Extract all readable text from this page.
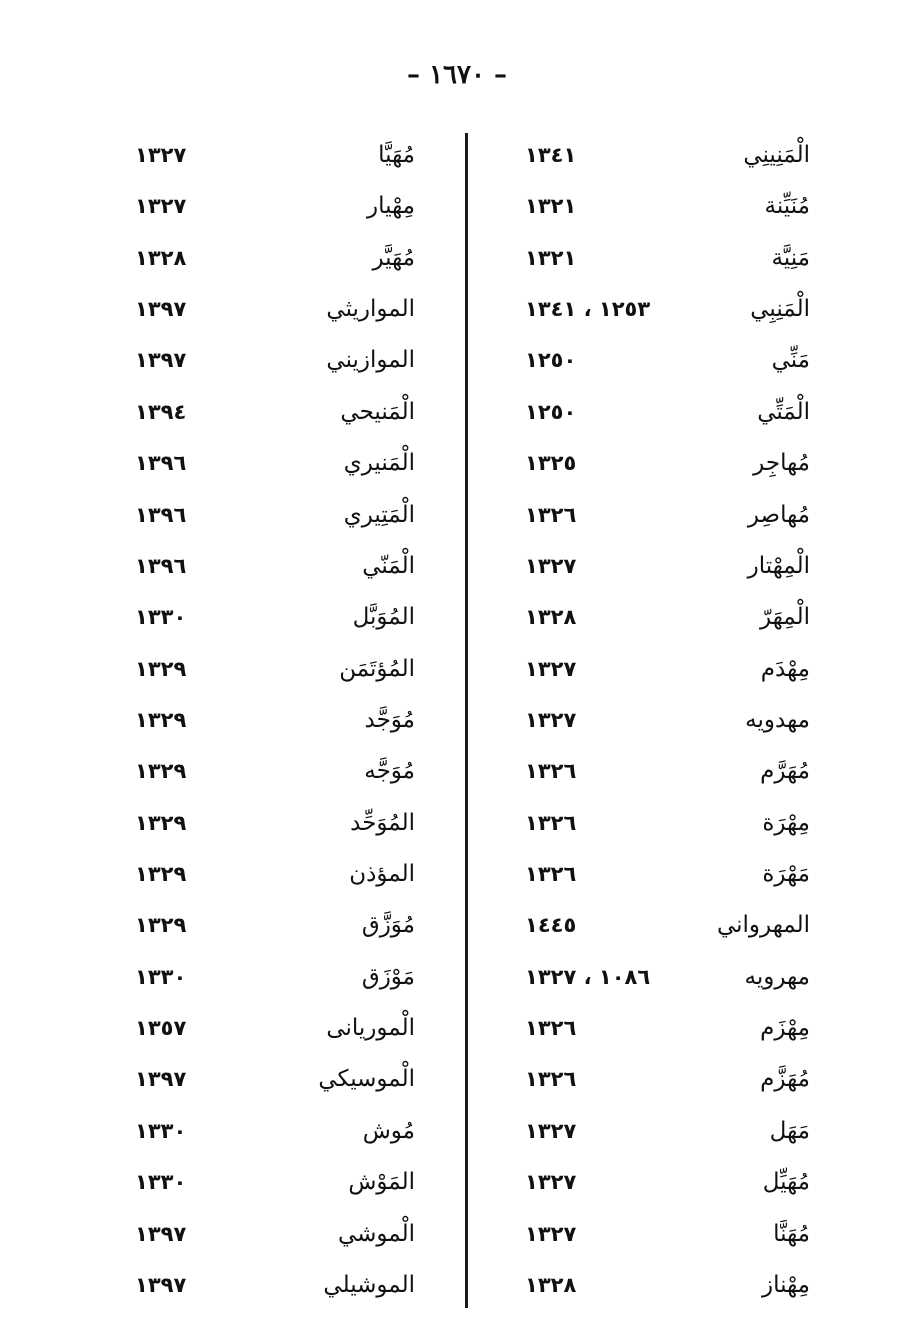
– ١٦٧٠ –
الْمَنِينِي
١٣٤١
مُنَيِّنة
١٣٢١
مَنِيَّة
١٣٢١
الْمَنِبِي
١٢٥٣ ، ١٣٤١
مَنِّي
١٢٥٠
الْمَتِّي
١٢٥٠
مُهاجِر
١٣٢٥
مُهاصِر
١٣٢٦
الْمِهْتار
١٣٢٧
الْمِهَرّ
١٣٢٨
مِهْدَم
١٣٢٧
مهدويه
١٣٢٧
مُهَرَّم
١٣٢٦
مِهْرَة
١٣٢٦
مَهْرَة
١٣٢٦
المهرواني
١٤٤٥
مهرويه
١٠٨٦ ، ١٣٢٧
مِهْزَم
١٣٢٦
مُهَزَّم
١٣٢٦
مَهَل
١٣٢٧
مُهَيِّل
١٣٢٧
مُهَنَّا
١٣٢٧
مِهْناز
١٣٢٨
مُهَيَّا
١٣٢٧
مِهْيار
١٣٢٧
مُهَيَّر
١٣٢٨
المواريثي
١٣٩٧
الموازيني
١٣٩٧
الْمَنيحي
١٣٩٤
الْمَنيري
١٣٩٦
الْمَتِيري
١٣٩٦
الْمَنّي
١٣٩٦
المُوَبَّل
١٣٣٠
المُؤتَمَن
١٣٢٩
مُوَجَّد
١٣٢٩
مُوَجَّه
١٣٢٩
المُوَحِّد
١٣٢٩
المؤذن
١٣٢٩
مُوَزَّق
١٣٢٩
مَوْزَق
١٣٣٠
الْموريانى
١٣٥٧
الْموسيكي
١٣٩٧
مُوش
١٣٣٠
المَوْش
١٣٣٠
الْموشي
١٣٩٧
الموشيلي
١٣٩٧
